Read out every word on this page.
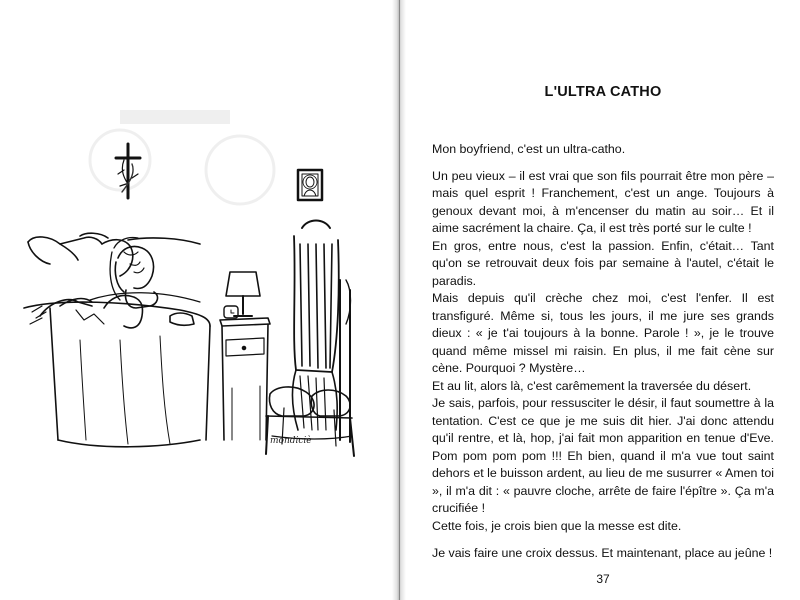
mondiciè
L'ULTRA CATHO

Mon boyfriend, c'est un ultra-catho.

Un peu vieux – il est vrai que son fils pourrait être mon père – mais quel esprit ! Franchement, c'est un ange. Toujours à genoux devant moi, à m'encenser du matin au soir… Et il aime sacrément la chaire. Ça, il est très porté sur le culte !

En gros, entre nous, c'est la passion. Enfin, c'était… Tant qu'on se retrouvait deux fois par semaine à l'autel, c'était le paradis.

Mais depuis qu'il crèche chez moi, c'est l'enfer. Il est transfiguré. Même si, tous les jours, il me jure ses grands dieux : « je t'ai toujours à la bonne. Parole ! », je le trouve quand même missel mi raisin. En plus, il me fait cène sur cène. Pourquoi ? Mystère…

Et au lit, alors là, c'est carêmement la traversée du désert.

Je sais, parfois, pour ressusciter le désir, il faut soumettre à la tentation. C'est ce que je me suis dit hier. J'ai donc attendu qu'il rentre, et là, hop, j'ai fait mon apparition en tenue d'Eve. Pom pom pom pom !!! Eh bien, quand il m'a vue tout saint dehors et le buisson ardent, au lieu de me susurrer « Amen toi », il m'a dit : « pauvre cloche, arrête de faire l'épître ». Ça m'a crucifiée !

Cette fois, je crois bien que la messe est dite.

Je vais faire une croix dessus. Et maintenant, place au jeûne !

37
